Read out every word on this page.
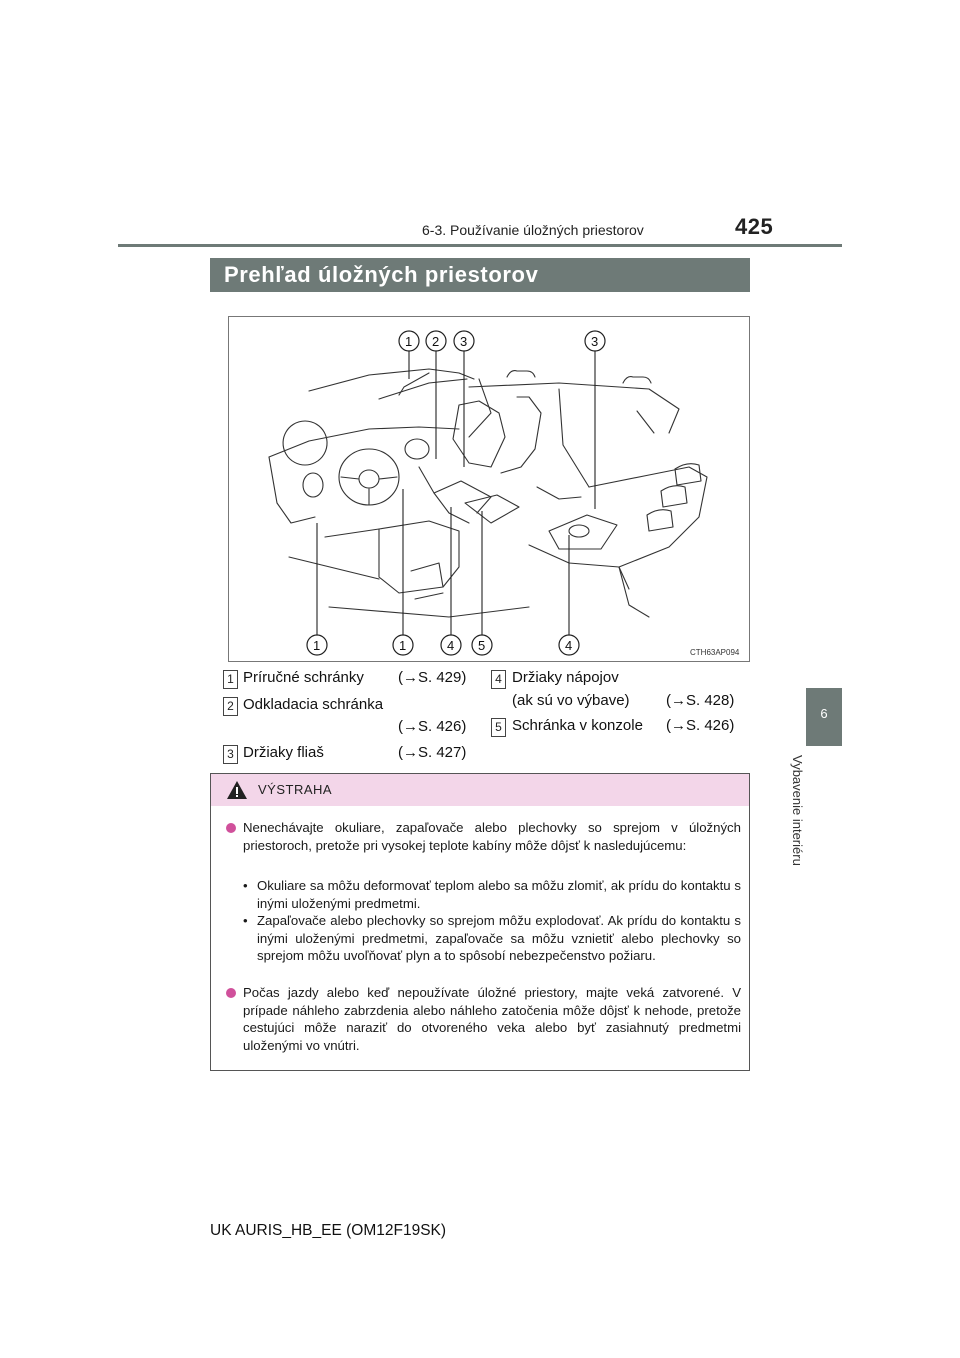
6-3. Používanie úložných priestorov	425
6
Vybavenie interiéru
Prehľad úložných priestorov
1 2 3	3
1	1	4 5	4	CTH63AP094
1 Príručné schránky (→S. 429)
2 Odkladacia schránka
(→S. 426)
3 Držiaky fliaš	(→S. 427)
4 Držiaky nápojov
(ak sú vo výbave) (→S. 428)
5 Schránka v konzole (→S. 426)
VÝSTRAHA
Nenechávajte okuliare, zapaľovače alebo plechovky so sprejom v úložných priestoroch, pretože pri vysokej teplote kabíny môže dôjsť k nasledujúcemu:
• Okuliare sa môžu deformovať teplom alebo sa môžu zlomiť, ak prídu do kontaktu s inými uloženými predmetmi.
• Zapaľovače alebo plechovky so sprejom môžu explodovať. Ak prídu do kontaktu s inými uloženými predmetmi, zapaľovače sa môžu vznietiť alebo plechovky so sprejom môžu uvoľňovať plyn a to spôsobí nebezpečenstvo požiaru.
Počas jazdy alebo keď nepoužívate úložné priestory, majte veká zatvorené. V prípade náhleho zabrzdenia alebo náhleho zatočenia môže dôjsť k nehode, pretože cestujúci môže naraziť do otvoreného veka alebo byť zasiahnutý predmetmi uloženými vo vnútri.
UK AURIS_HB_EE (OM12F19SK)
